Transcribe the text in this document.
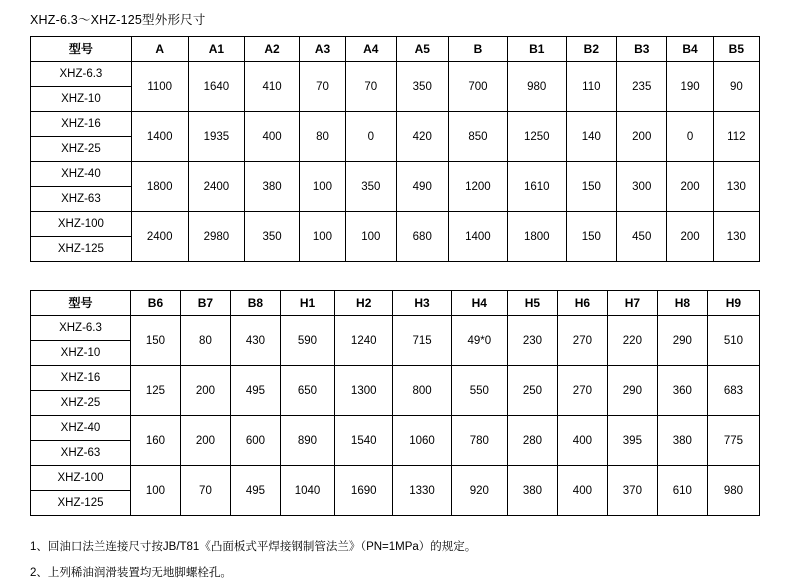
XHZ-6.3～XHZ-125型外形尺寸
型号	A	A1	A2	A3	A4	A5	B	B1	B2	B3	B4	B5
XHZ-6.3	1100	1640	410	70	70	350	700	980	110	235	190	90
XHZ-10												
XHZ-16	1400	1935	400	80	0	420	850	1250	140	200	0	112
XHZ-25												
XHZ-40	1800	2400	380	100	350	490	1200	1610	150	300	200	130
XHZ-63												
XHZ-100	2400	2980	350	100	100	680	1400	1800	150	450	200	130
XHZ-125												
型号	B6	B7	B8	H1	H2	H3	H4	H5	H6	H7	H8	H9
XHZ-6.3	150	80	430	590	1240	715	49*0	230	270	220	290	510
XHZ-10												
XHZ-16	125	200	495	650	1300	800	550	250	270	290	360	683
XHZ-25												
XHZ-40	160	200	600	890	1540	1060	780	280	400	395	380	775
XHZ-63												
XHZ-100	100	70	495	1040	1690	1330	920	380	400	370	610	980
XHZ-125												
1、回油口法兰连接尺寸按JB/T81《凸面板式平焊接钢制管法兰》（PN=1MPa）的规定。
2、上列稀油润滑装置均无地脚螺栓孔。
